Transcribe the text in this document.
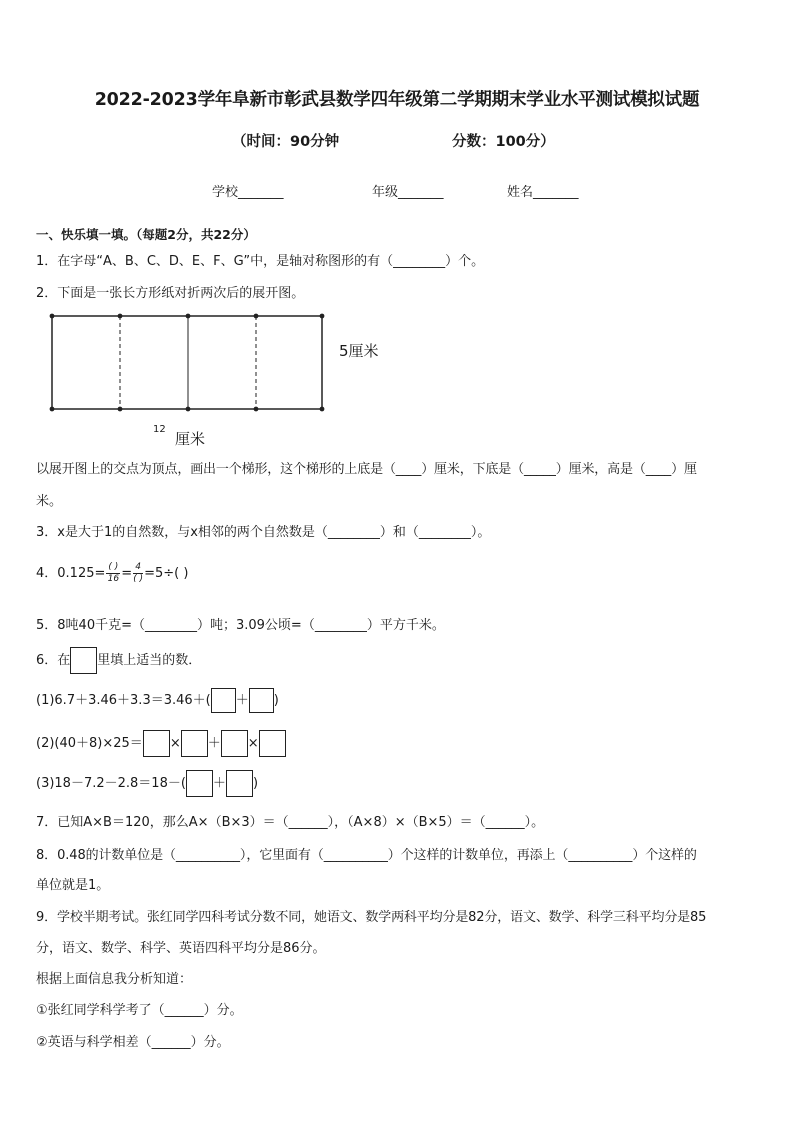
2022-2023学年阜新市彰武县数学四年级第二学期期末学业水平测试模拟试题
（时间：90分钟	分数：100分）
学校_______	年级_______	姓名_______
一、快乐填一填。（每题2分，共22分）
1．在字母“A、B、C、D、E、F、G”中，是轴对称图形的有（________）个。
2．下面是一张长方形纸对折两次后的展开图。
5厘米
12
厘米
以展开图上的交点为顶点，画出一个梯形，这个梯形的上底是（____）厘米，下底是（_____）厘米，高是（____）厘
米。
3．x是大于1的自然数，与x相邻的两个自然数是（________）和（________）。
4．$0.125= \frac{( )}{16} = \frac{4}{( )} =5\div$( )
5．8吨40千克=（________）吨；3.09公顷=（________）平方千米。
6．在 里填上适当的数．
(1)6.7＋3.46＋3.3＝3.46＋( ＋ )
(2)(40＋8)×25＝ × ＋ ×
(3)18－7.2－2.8＝18－( ＋ )
7．已知A×B＝120，那么A×（B×3）＝（______），（A×8）×（B×5）＝（______）。
8．0.48的计数单位是（__________），它里面有（__________）个这样的计数单位，再添上（__________）个这样的
单位就是1。
9．学校半期考试。张红同学四科考试分数不同，她语文、数学两科平均分是82分，语文、数学、科学三科平均分是85
分，语文、数学、科学、英语四科平均分是86分。
根据上面信息我分析知道：
①张红同学科学考了（______）分。
②英语与科学相差（______）分。
